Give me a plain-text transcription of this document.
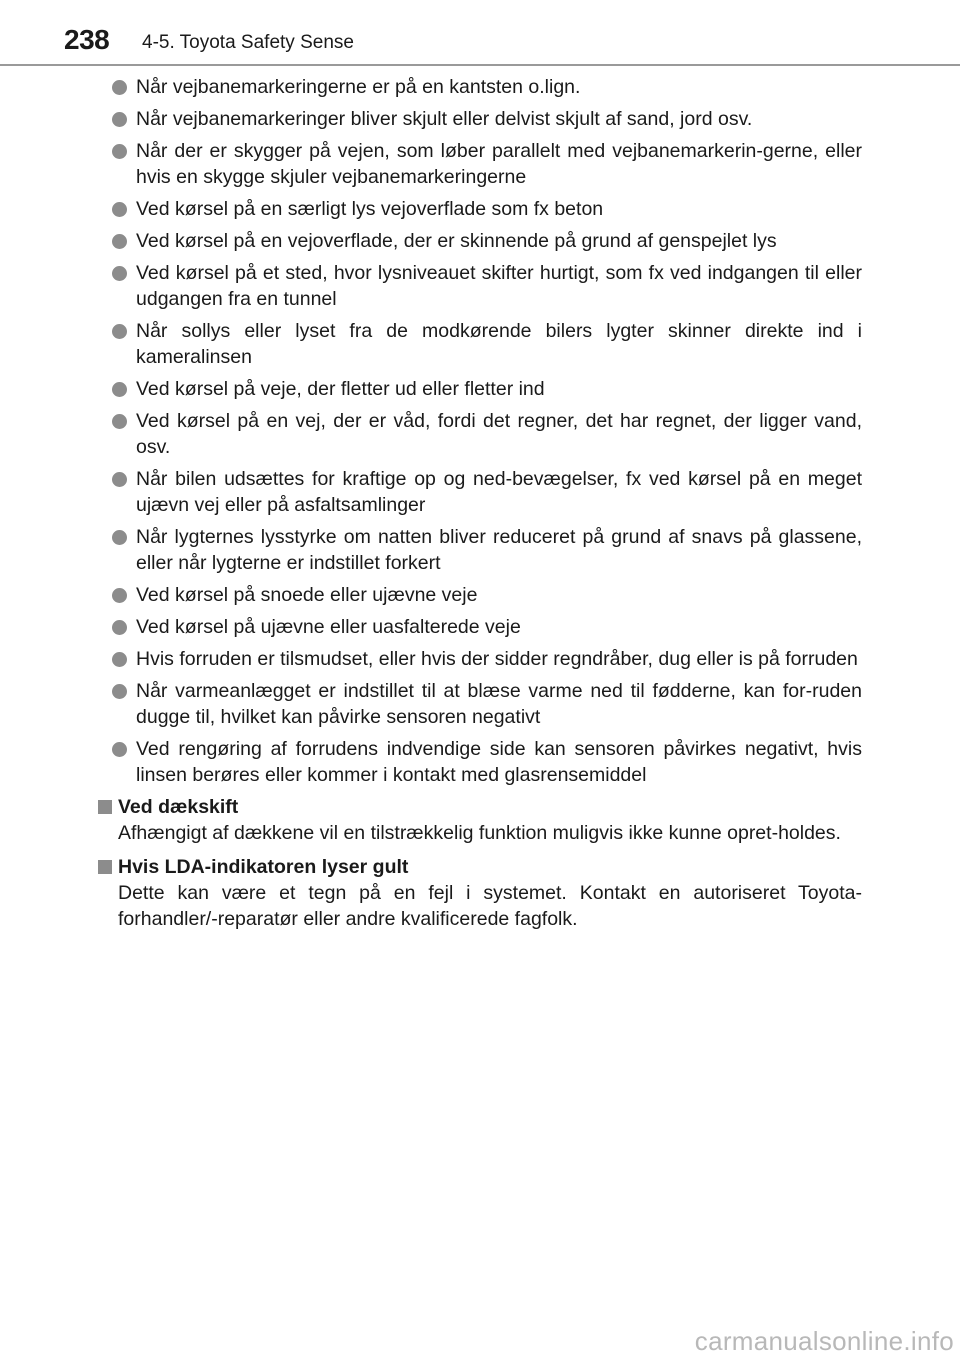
238 4-5. Toyota Safety Sense
Når vejbanemarkeringerne er på en kantsten o.lign.
Når vejbanemarkeringer bliver skjult eller delvist skjult af sand, jord osv.
Når der er skygger på vejen, som løber parallelt med vejbanemarkerin-gerne, eller hvis en skygge skjuler vejbanemarkeringerne
Ved kørsel på en særligt lys vejoverflade som fx beton
Ved kørsel på en vejoverflade, der er skinnende på grund af genspejlet lys
Ved kørsel på et sted, hvor lysniveauet skifter hurtigt, som fx ved indgangen til eller udgangen fra en tunnel
Når sollys eller lyset fra de modkørende bilers lygter skinner direkte ind i kameralinsen
Ved kørsel på veje, der fletter ud eller fletter ind
Ved kørsel på en vej, der er våd, fordi det regner, det har regnet, der ligger vand, osv.
Når bilen udsættes for kraftige op og ned-bevægelser, fx ved kørsel på en meget ujævn vej eller på asfaltsamlinger
Når lygternes lysstyrke om natten bliver reduceret på grund af snavs på glassene, eller når lygterne er indstillet forkert
Ved kørsel på snoede eller ujævne veje
Ved kørsel på ujævne eller uasfalterede veje
Hvis forruden er tilsmudset, eller hvis der sidder regndråber, dug eller is på forruden
Når varmeanlægget er indstillet til at blæse varme ned til fødderne, kan for-ruden dugge til, hvilket kan påvirke sensoren negativt
Ved rengøring af forrudens indvendige side kan sensoren påvirkes negativt, hvis linsen berøres eller kommer i kontakt med glasrensemiddel
Ved dækskift
Afhængigt af dækkene vil en tilstrækkelig funktion muligvis ikke kunne opret-holdes.
Hvis LDA-indikatoren lyser gult
Dette kan være et tegn på en fejl i systemet. Kontakt en autoriseret Toyota-forhandler/-reparatør eller andre kvalificerede fagfolk.
carmanualsonline.info
